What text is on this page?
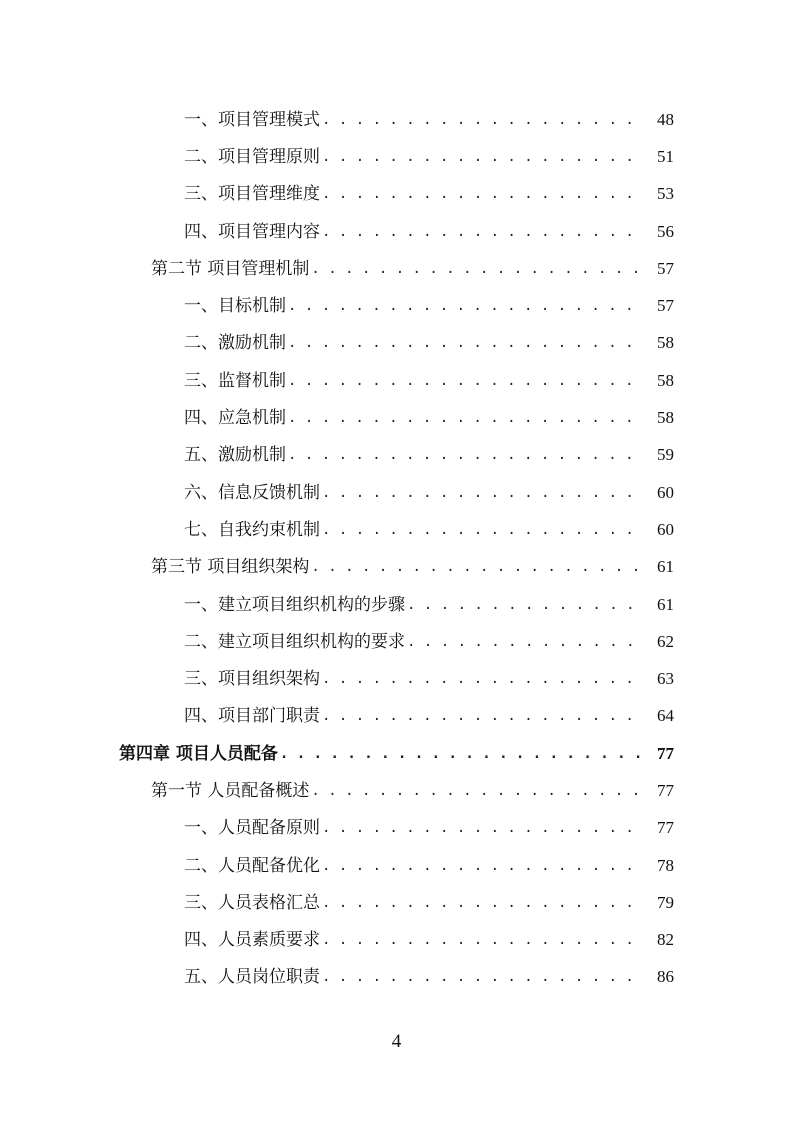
一、项目管理模式 . . .	48
二、项目管理原则 . . .	51
三、项目管理维度 . . .	53
四、项目管理内容 . . .	56
第二节 项目管理机制 . . .	57
一、目标机制 . . .	57
二、激励机制 . . .	58
三、监督机制 . . .	58
四、应急机制 . . .	58
五、激励机制 . . .	59
六、信息反馈机制 . . .	60
七、自我约束机制 . . .	60
第三节 项目组织架构 . . .	61
一、建立项目组织机构的步骤 . . .	61
二、建立项目组织机构的要求 . . .	62
三、项目组织架构 . . .	63
四、项目部门职责 . . .	64
第四章 项目人员配备 . . .	77
第一节 人员配备概述 . . .	77
一、人员配备原则 . . .	77
二、人员配备优化 . . .	78
三、人员表格汇总 . . .	79
四、人员素质要求 . . .	82
五、人员岗位职责 . . .	86
4
